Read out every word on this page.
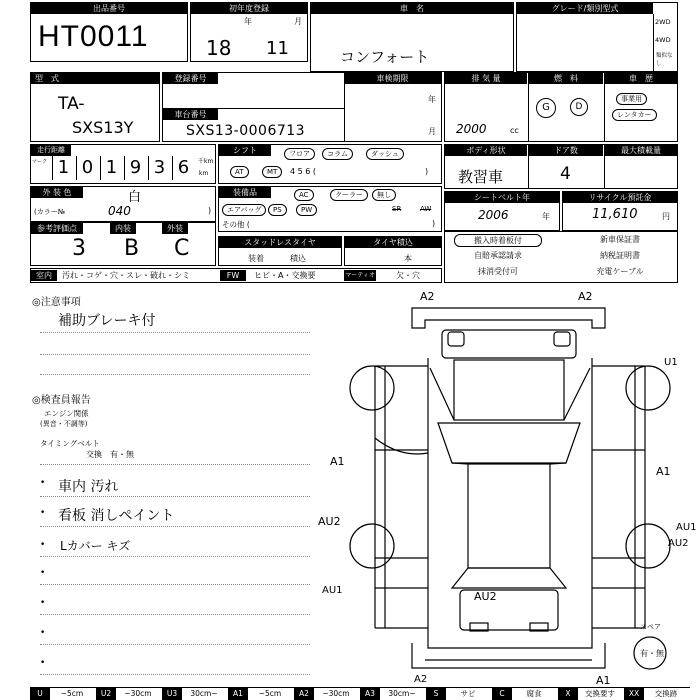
出品番号
HT0011
初年度登録
年	月
18 11
車　名
コンフォート
グレード/類別型式
2WD
4WD
類似なし
型　式
TA-
SXS13Y
登録番号	車検期限
車台番号
SXS13-0006713
年
月
排 気 量	燃　料	車　歴
2000	cc
G	D
事業用
レンタカー
走行距離
マーク 1 0 1 9 3 6	千km
km
シフト	フロア	コラム	ダッシュ
AT	MT	4 5 6 (	)
ボディ形状	ドア数	最大積載量
教習車	4
外 装 色	白
(カラー№	040	)
装備品	AC	クーラー	無し
エアバッグ	PS	PW	SR	AW
その他 (	)
シートベルト年
2006	年
リサイクル預託金
11,610	円
参考評価点	内装	外装
3 B C	スタッドレスタイヤ
装着	積込
タイヤ積込
本
搬入時着板付	新車保証書
自賠承認請求	納税証明書
抹消受付可	充電ケーブル
室内	汚れ・コゲ・穴・スレ・破れ・シミ	FW	ヒビ・A・交換要	マーティオ	欠・穴
◎注意事項
補助ブレーキ付
◎検査員報告
エンジン関係
(異音・不調等)
タイミングベルト
交換　有・無
• 車内 汚れ
• 看板 消しペイント
• Lカバー キズ
•
•
•
•
A2	A2
A1
AU2
AU1
U1
A1
AU1
AU2
AU2
A2	A1
スペア
有・無
U	~5cm	U2	~30cm	U3	30cm~	A1	~5cm	A2	~30cm	A3	30cm~	S	サビ	C	腐食	X	交換要す	XX	交換跡
